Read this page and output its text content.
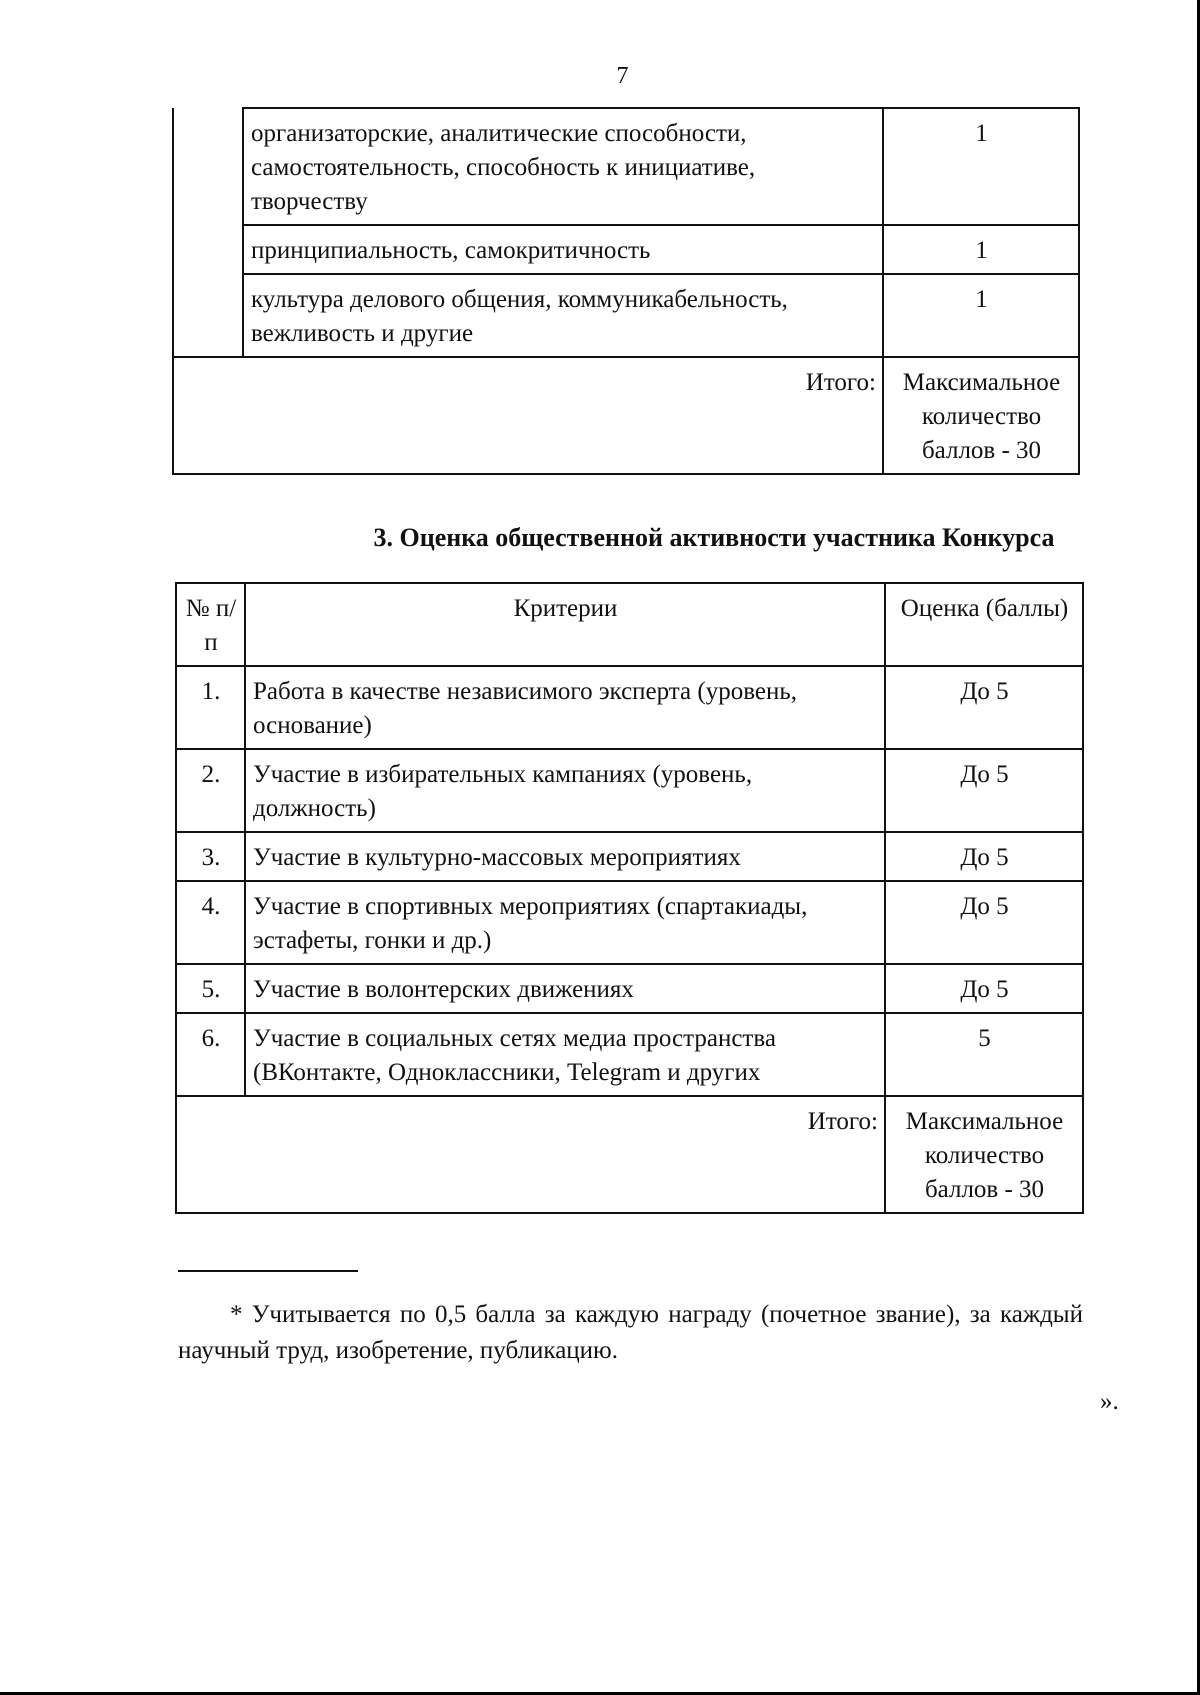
7
	организаторские, аналитические способности, самостоятельность, способность к инициативе, творчеству	1
	принципиальность, самокритичность	1
	культура делового общения, коммуникабельность, вежливость и другие	1
Итого:		Максимальное количество баллов - 30
3. Оценка общественной активности участника Конкурса
№ п/п	Критерии	Оценка (баллы)
1.	Работа в качестве независимого эксперта (уровень, основание)	До 5
2.	Участие в избирательных кампаниях (уровень, должность)	До 5
3.	Участие в культурно-массовых мероприятиях	До 5
4.	Участие в спортивных мероприятиях (спартакиады, эстафеты, гонки и др.)	До 5
5.	Участие в волонтерских движениях	До 5
6.	Участие в социальных сетях медиа пространства (ВКонтакте, Одноклассники, Telegram и других	5
Итого:		Максимальное количество баллов - 30
* Учитывается по 0,5 балла за каждую награду (почетное звание), за каждый научный труд, изобретение, публикацию.
».
